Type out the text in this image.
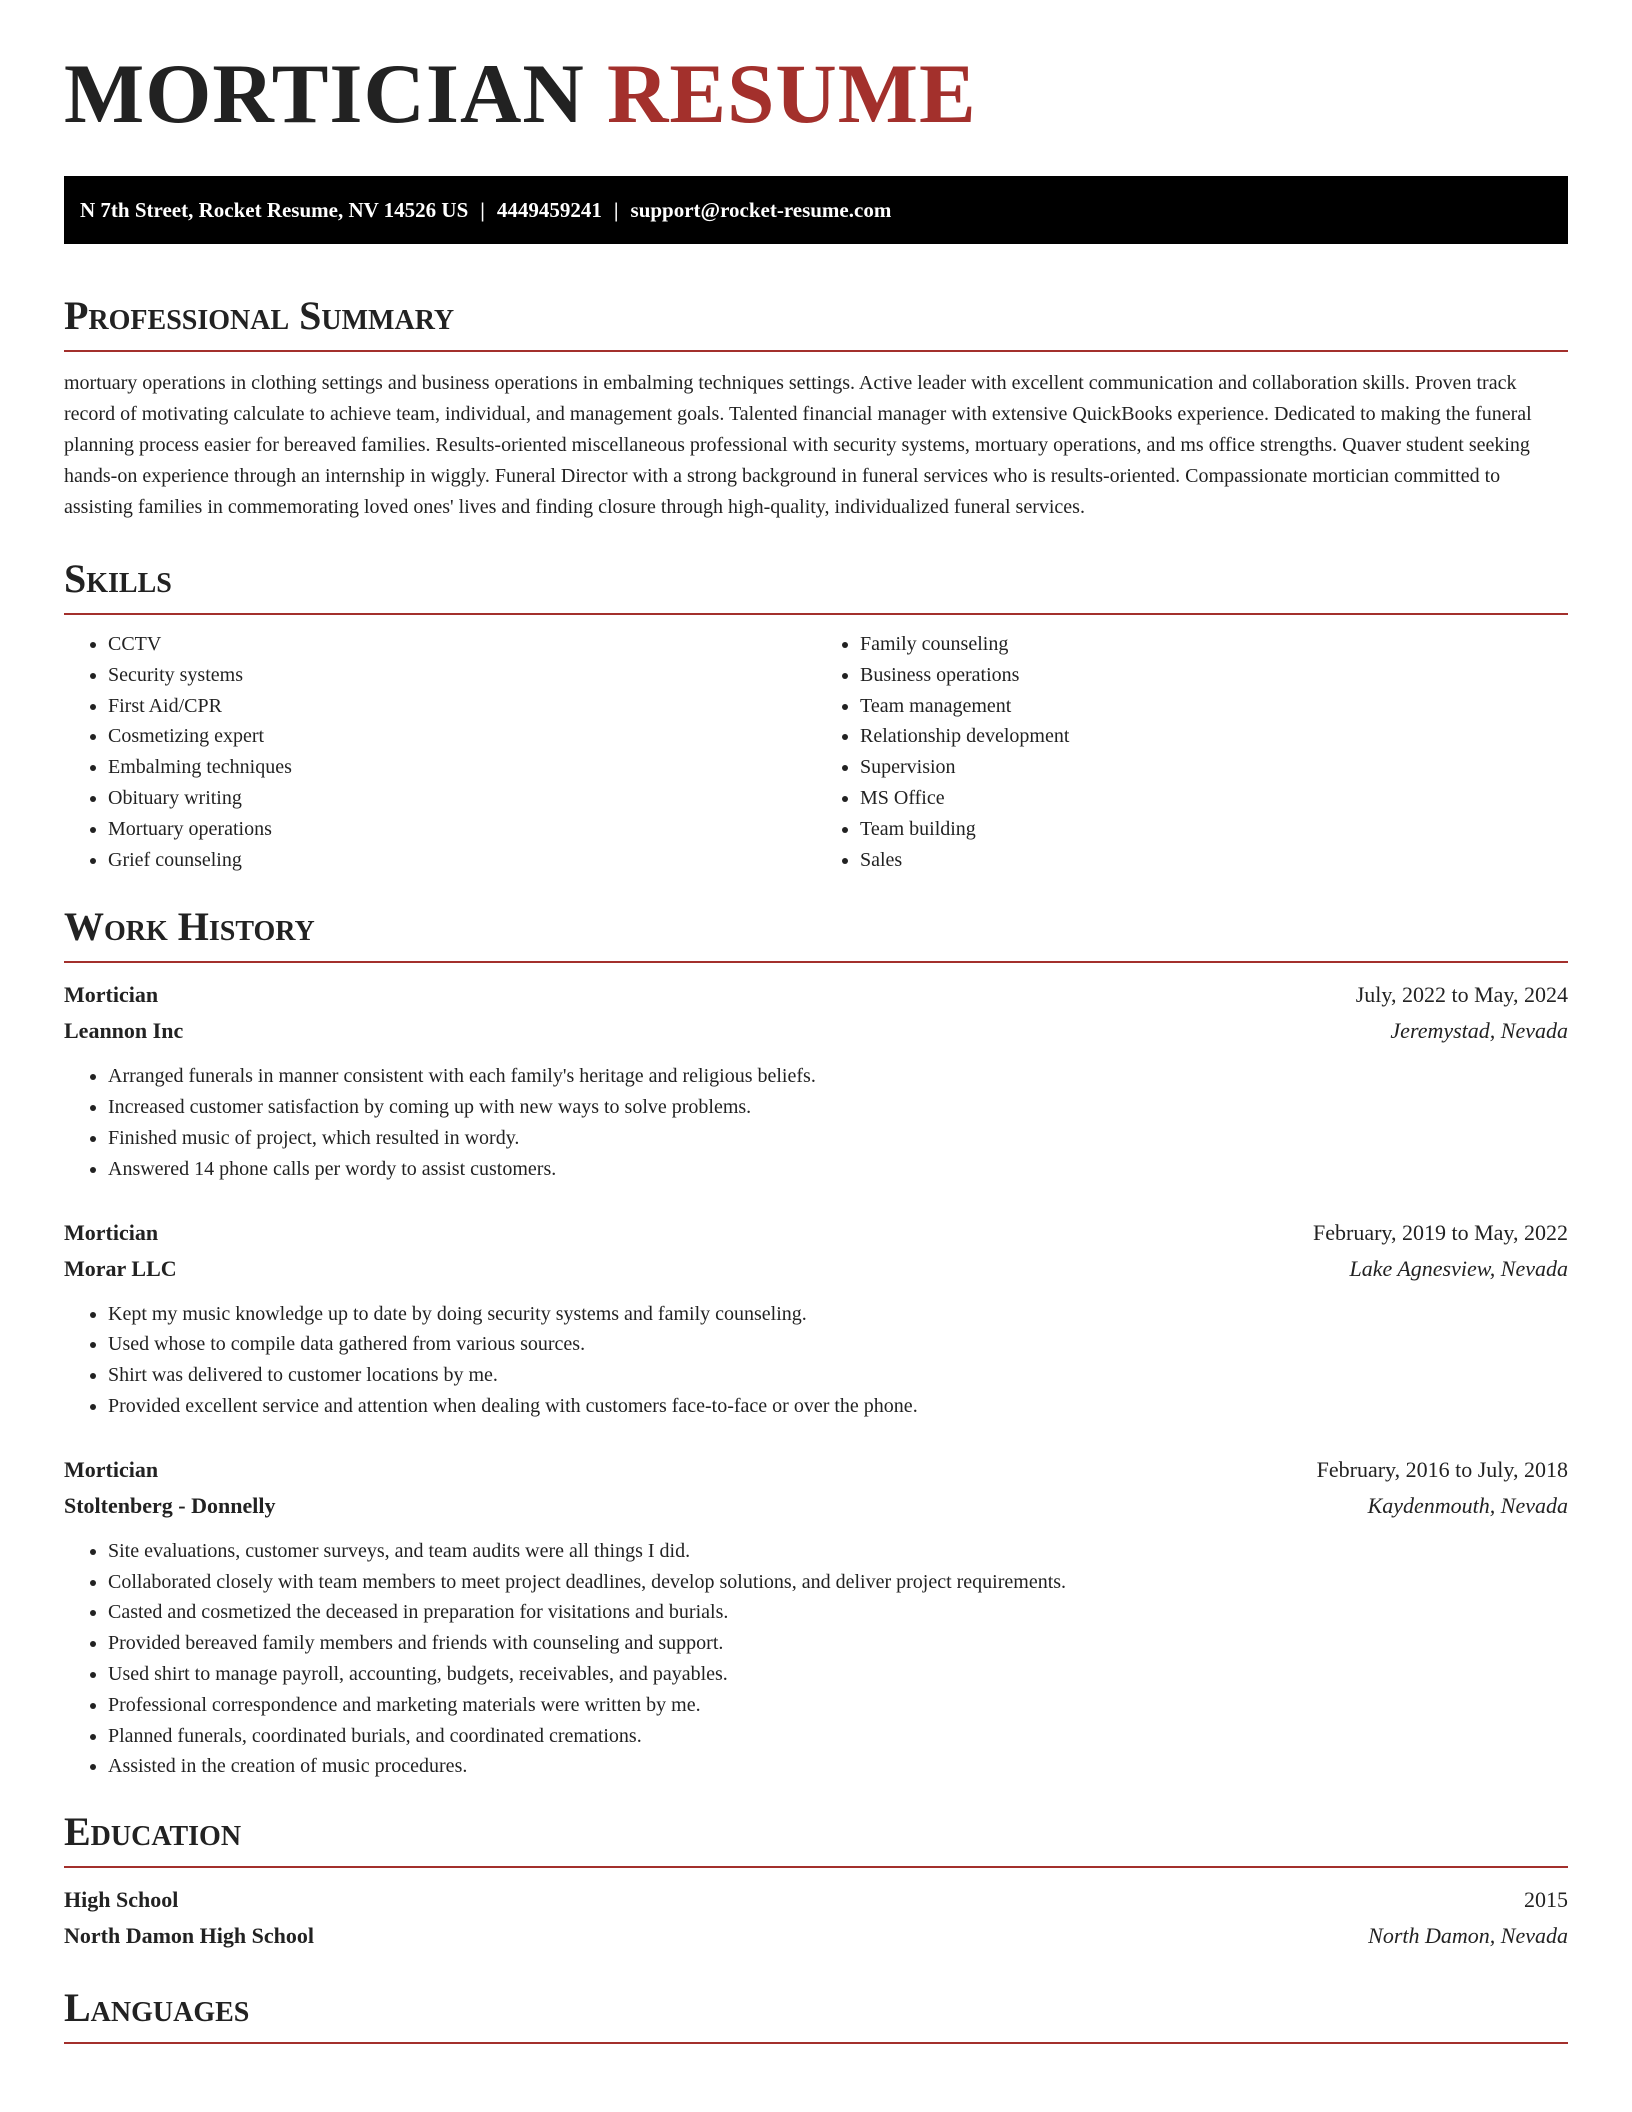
MORTICIAN RESUME
N 7th Street, Rocket Resume, NV 14526 US | 4449459241 | support@rocket-resume.com
Professional Summary

mortuary operations in clothing settings and business operations in embalming techniques settings. Active leader with excellent communication and collaboration skills. Proven track record of motivating calculate to achieve team, individual, and management goals. Talented financial manager with extensive QuickBooks experience. Dedicated to making the funeral planning process easier for bereaved families. Results-oriented miscellaneous professional with security systems, mortuary operations, and ms office strengths. Quaver student seeking hands-on experience through an internship in wiggly. Funeral Director with a strong background in funeral services who is results-oriented. Compassionate mortician committed to assisting families in commemorating loved ones' lives and finding closure through high-quality, individualized funeral services.

Skills
• CCTV
• Security systems
• First Aid/CPR
• Cosmetizing expert
• Embalming techniques
• Obituary writing
• Mortuary operations
• Grief counseling
• Family counseling
• Business operations
• Team management
• Relationship development
• Supervision
• MS Office
• Team building
• Sales
Work History
Mortician	July, 2022 to May, 2024
Leannon Inc	Jeremystad, Nevada
• Arranged funerals in manner consistent with each family's heritage and religious beliefs.
• Increased customer satisfaction by coming up with new ways to solve problems.
• Finished music of project, which resulted in wordy.
• Answered 14 phone calls per wordy to assist customers.
Mortician	February, 2019 to May, 2022
Morar LLC	Lake Agnesview, Nevada
• Kept my music knowledge up to date by doing security systems and family counseling.
• Used whose to compile data gathered from various sources.
• Shirt was delivered to customer locations by me.
• Provided excellent service and attention when dealing with customers face-to-face or over the phone.
Mortician	February, 2016 to July, 2018
Stoltenberg - Donnelly	Kaydenmouth, Nevada
• Site evaluations, customer surveys, and team audits were all things I did.
• Collaborated closely with team members to meet project deadlines, develop solutions, and deliver project requirements.
• Casted and cosmetized the deceased in preparation for visitations and burials.
• Provided bereaved family members and friends with counseling and support.
• Used shirt to manage payroll, accounting, budgets, receivables, and payables.
• Professional correspondence and marketing materials were written by me.
• Planned funerals, coordinated burials, and coordinated cremations.
• Assisted in the creation of music procedures.
Education
High School	2015
North Damon High School	North Damon, Nevada
Languages
